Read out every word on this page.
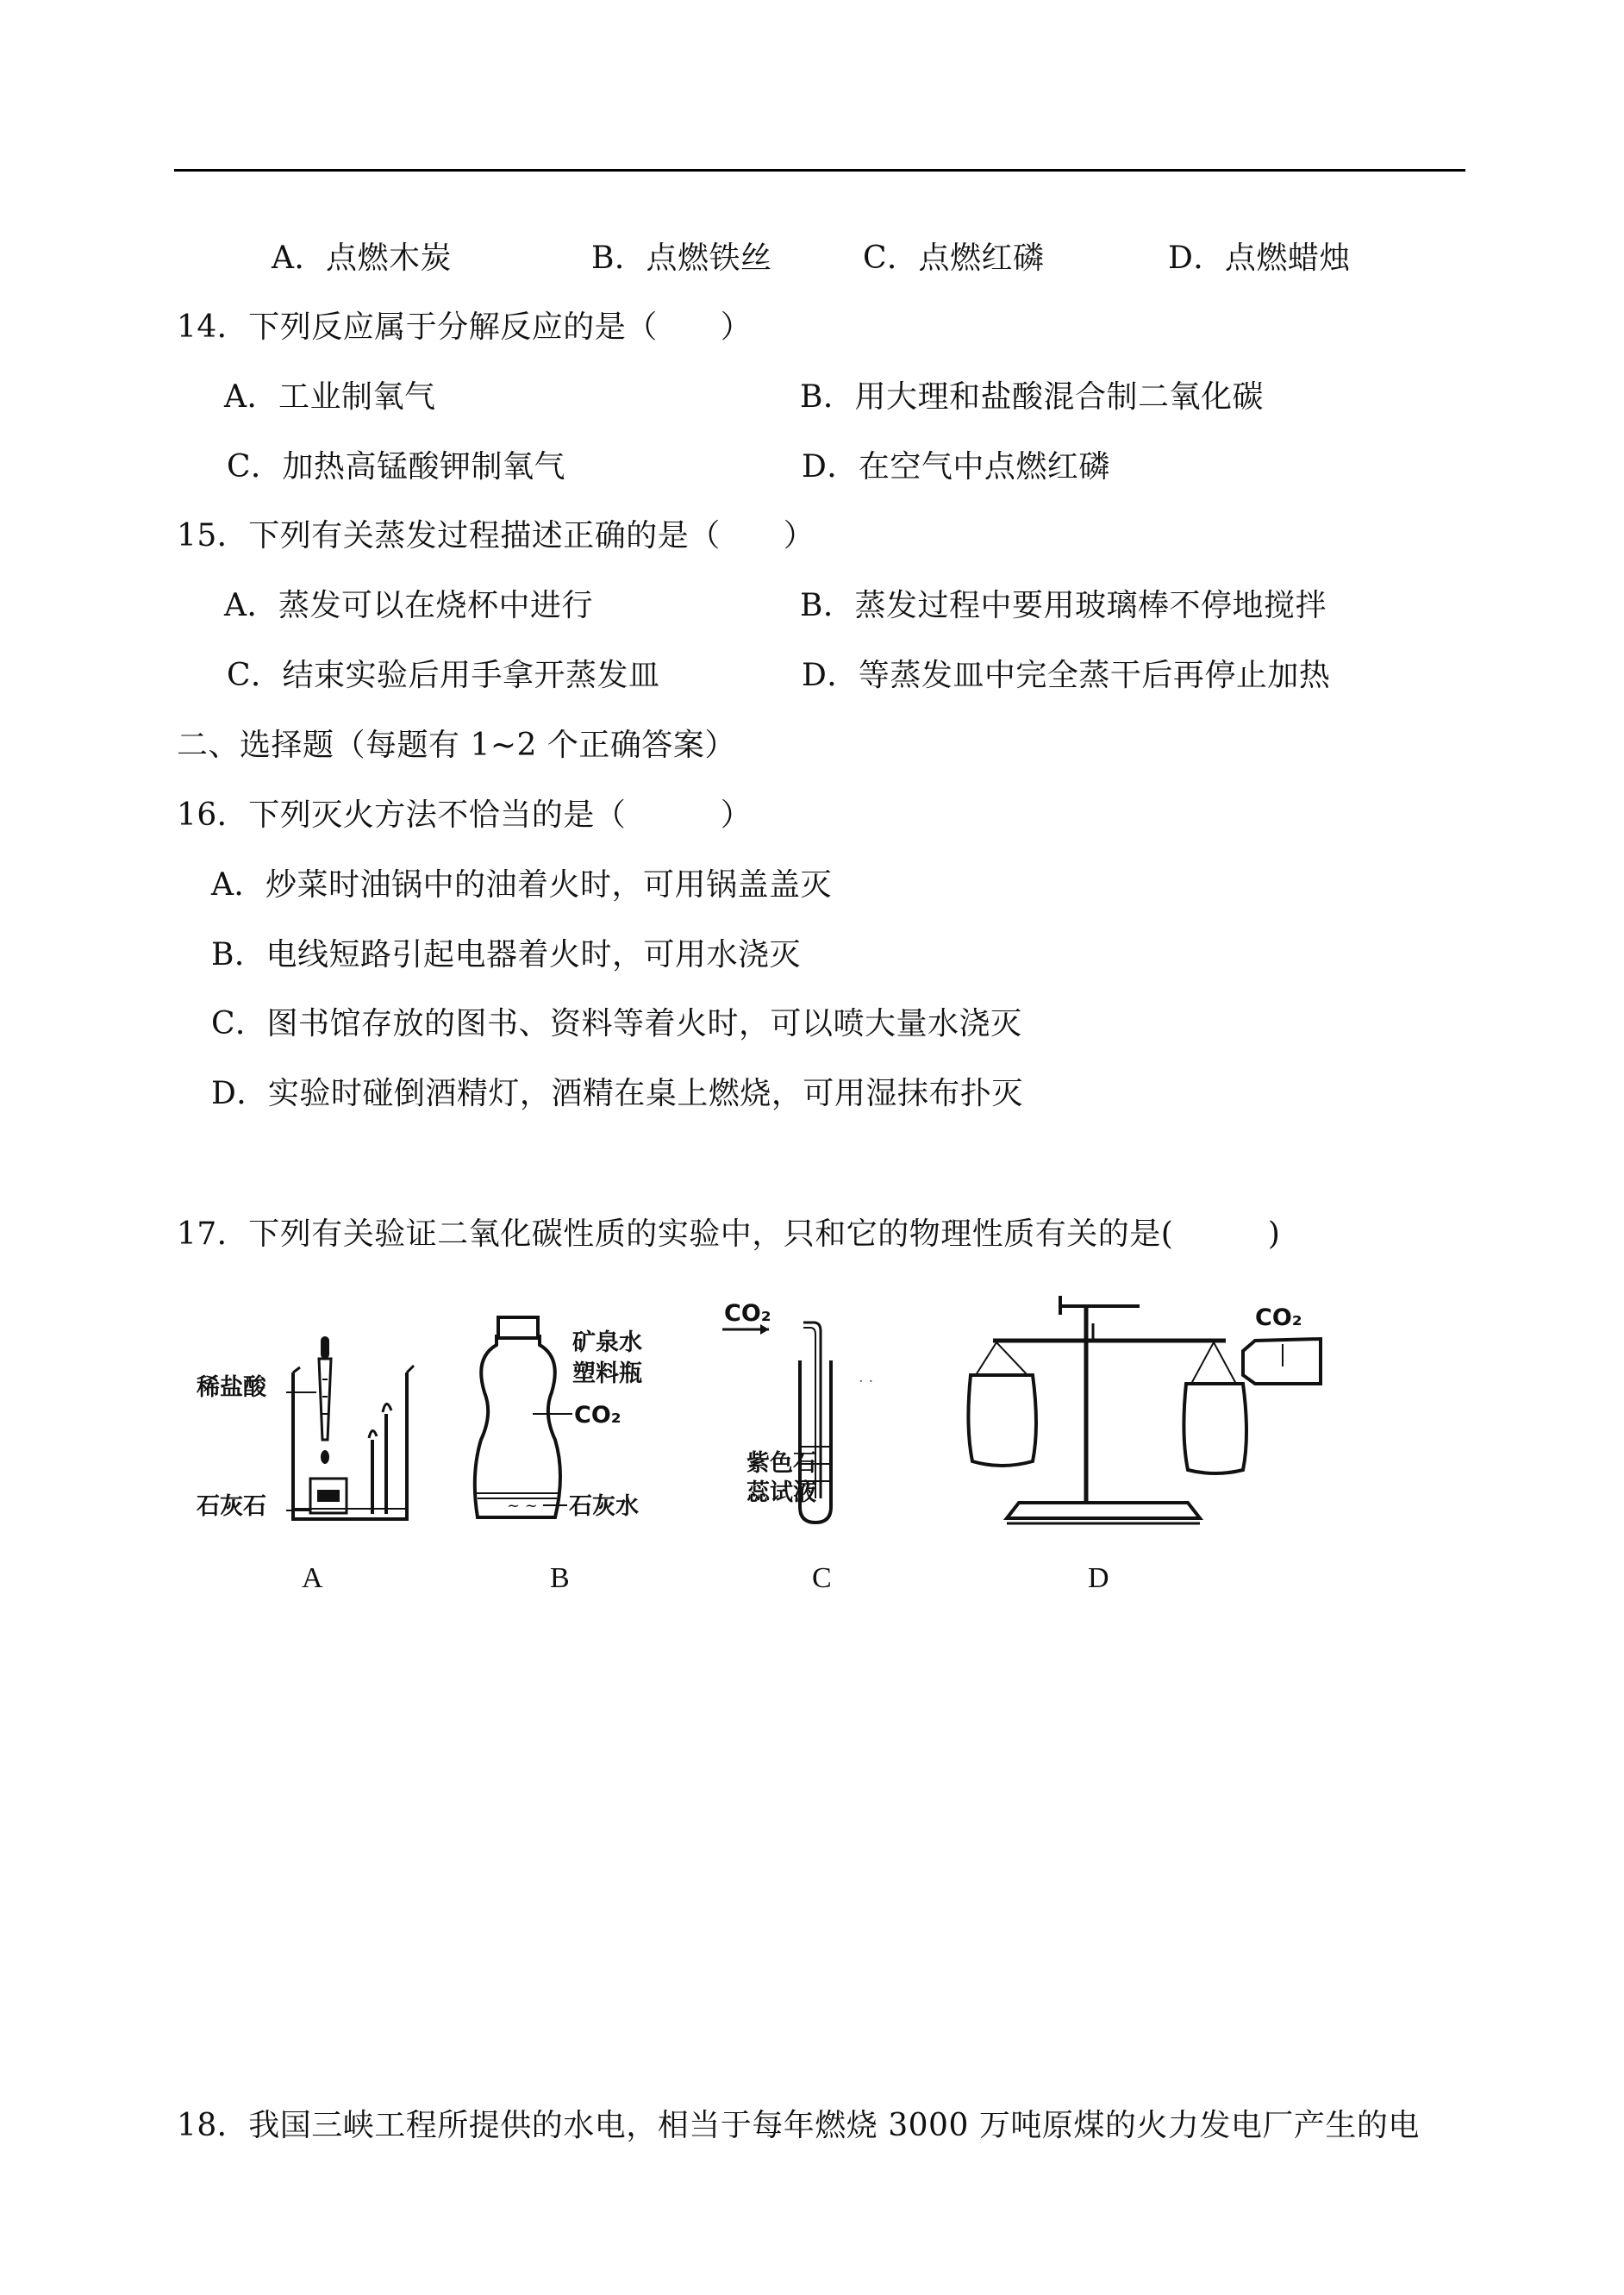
A．点燃木炭	B．点燃铁丝	C．点燃红磷	D．点燃蜡烛
14．下列反应属于分解反应的是（　　）
A．工业制氧气	B．用大理和盐酸混合制二氧化碳
C．加热高锰酸钾制氧气	D．在空气中点燃红磷
15．下列有关蒸发过程描述正确的是（　　）
A．蒸发可以在烧杯中进行	B．蒸发过程中要用玻璃棒不停地搅拌
C．结束实验后用手拿开蒸发皿	D．等蒸发皿中完全蒸干后再停止加热
二、选择题（每题有 1~2 个正确答案）
16．下列灭火方法不恰当的是（　　　）
A．炒菜时油锅中的油着火时，可用锅盖盖灭
B．电线短路引起电器着火时，可用水浇灭
C．图书馆存放的图书、资料等着火时，可以喷大量水浇灭
D．实验时碰倒酒精灯，酒精在桌上燃烧，可用湿抹布扑灭
17．下列有关验证二氧化碳性质的实验中，只和它的物理性质有关的是(　　　)
稀盐酸
石灰石
A
~ ~
矿泉水
塑料瓶
CO₂
石灰水
B
CO₂
紫色石
蕊试液
· ·
C
CO₂
D
18．我国三峡工程所提供的水电，相当于每年燃烧 3000 万吨原煤的火力发电厂产生的电
